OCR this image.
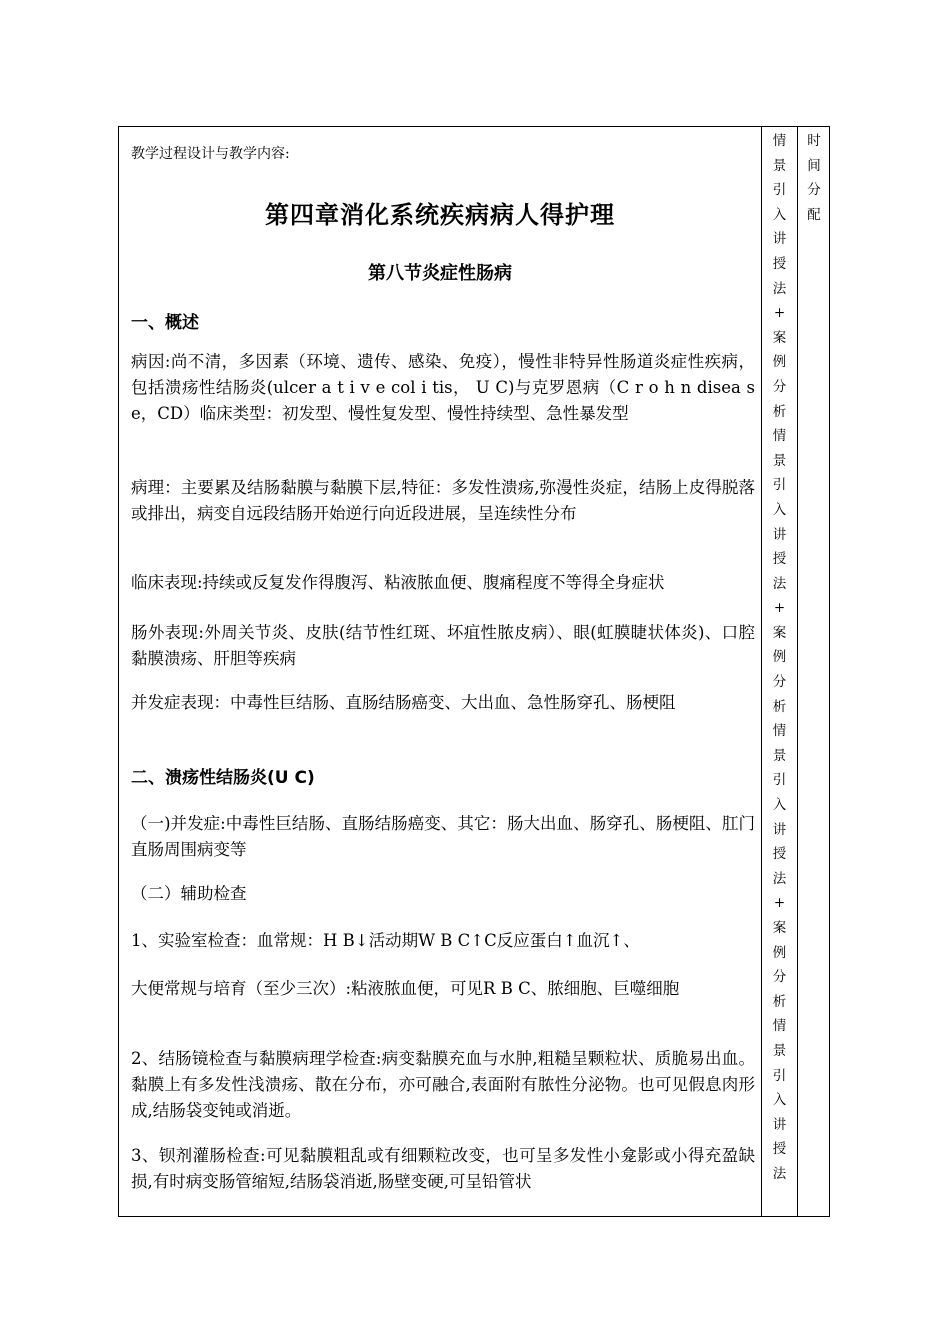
教学过程设计与教学内容:
第四章消化系统疾病病人得护理
第八节炎症性肠病
一、概述
病因:尚不清，多因素（环境、遗传、感染、免疫），慢性非特异性肠道炎症性疾病，包括溃疡性结肠炎(ulcer a t i v e col i tis， U C)与克罗恩病（C r o h n disea s e，CD）临床类型：初发型、慢性复发型、慢性持续型、急性暴发型
病理：主要累及结肠黏膜与黏膜下层,特征：多发性溃疡,弥漫性炎症，结肠上皮得脱落或排出，病变自远段结肠开始逆行向近段进展，呈连续性分布
临床表现:持续或反复发作得腹泻、粘液脓血便、腹痛程度不等得全身症状
肠外表现:外周关节炎、皮肤(结节性红斑、坏疽性脓皮病）、眼(虹膜睫状体炎)、口腔黏膜溃疡、肝胆等疾病
并发症表现：中毒性巨结肠、直肠结肠癌变、大出血、急性肠穿孔、肠梗阻
二、溃疡性结肠炎(U C)
（一)并发症:中毒性巨结肠、直肠结肠癌变、其它：肠大出血、肠穿孔、肠梗阻、肛门直肠周围病变等
（二）辅助检查
1、实验室检查：血常规：H B↓活动期W B C↑C反应蛋白↑血沉↑、
大便常规与培育（至少三次）:粘液脓血便，可见R B C、脓细胞、巨噬细胞
2、结肠镜检查与黏膜病理学检查:病变黏膜充血与水肿,粗糙呈颗粒状、质脆易出血。黏膜上有多发性浅溃疡、散在分布，亦可融合,表面附有脓性分泌物。也可见假息肉形成,结肠袋变钝或消逝。
3、钡剂灌肠检查:可见黏膜粗乱或有细颗粒改变，也可呈多发性小龛影或小得充盈缺损,有时病变肠管缩短,结肠袋消逝,肠壁变硬,可呈铅管状
情
景
引
入
讲
授
法
+
案
例
分
析
情
景
引
入
讲
授
法
+
案
例
分
析
情
景
引
入
讲
授
法
+
案
例
分
析
情
景
引
入
讲
授
法
时
间
分
配
